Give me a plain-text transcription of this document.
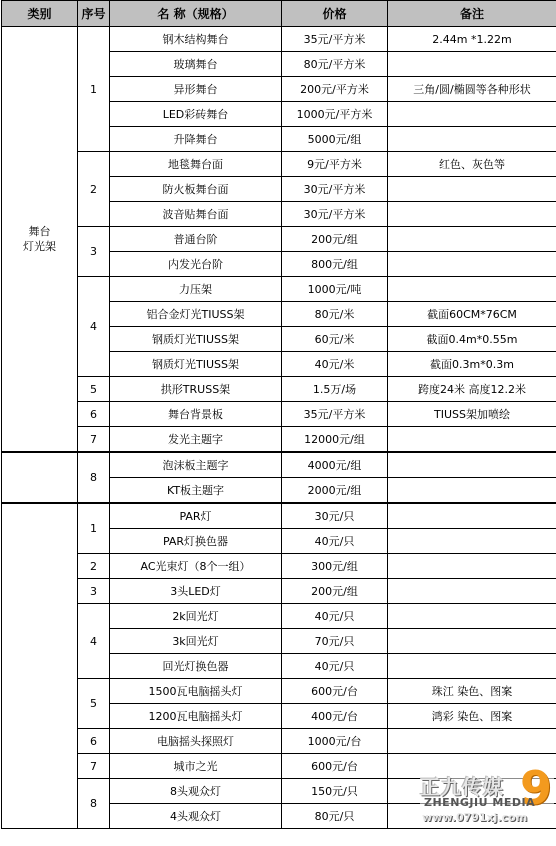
类别	序号	名 称（规格）	价格	备注
舞台
灯光架	1	钢木结构舞台	35元/平方米	2.44m *1.22m
		玻璃舞台	80元/平方米	
		异形舞台	200元/平方米	三角/圆/椭圆等各种形状
		LED彩砖舞台	1000元/平方米	
		升降舞台	5000元/组	
	2	地毯舞台面	9元/平方米	红色、灰色等
		防火板舞台面	30元/平方米	
		波音贴舞台面	30元/平方米	
	3	普通台阶	200元/组	
		内发光台阶	800元/组	
	4	力压架	1000元/吨	
		铝合金灯光TIUSS架	80元/米	截面60CM*76CM
		钢质灯光TIUSS架	60元/米	截面0.4m*0.55m
		钢质灯光TIUSS架	40元/米	截面0.3m*0.3m
	5	拱形TRUSS架	1.5万/场	跨度24米 高度12.2米
	6	舞台背景板	35元/平方米	TIUSS架加喷绘
	7	发光主题字	12000元/组	
	8	泡沫板主题字	4000元/组	
		KT板主题字	2000元/组	
	1	PAR灯	30元/只	
		PAR灯换色器	40元/只	
	2	AC光束灯（8个一组）	300元/组	
	3	3头LED灯	200元/组	
	4	2k回光灯	40元/只	
		3k回光灯	70元/只	
		回光灯换色器	40元/只	
	5	1500瓦电脑摇头灯	600元/台	珠江 染色、图案
		1200瓦电脑摇头灯	400元/台	鸿彩 染色、图案
	6	电脑摇头探照灯	1000元/台	
	7	城市之光	600元/台	
	8	8头观众灯	150元/只	
		4头观众灯	80元/只	
正九传媒 9
ZHENGJIU MEDIA
www.0791xj.com
